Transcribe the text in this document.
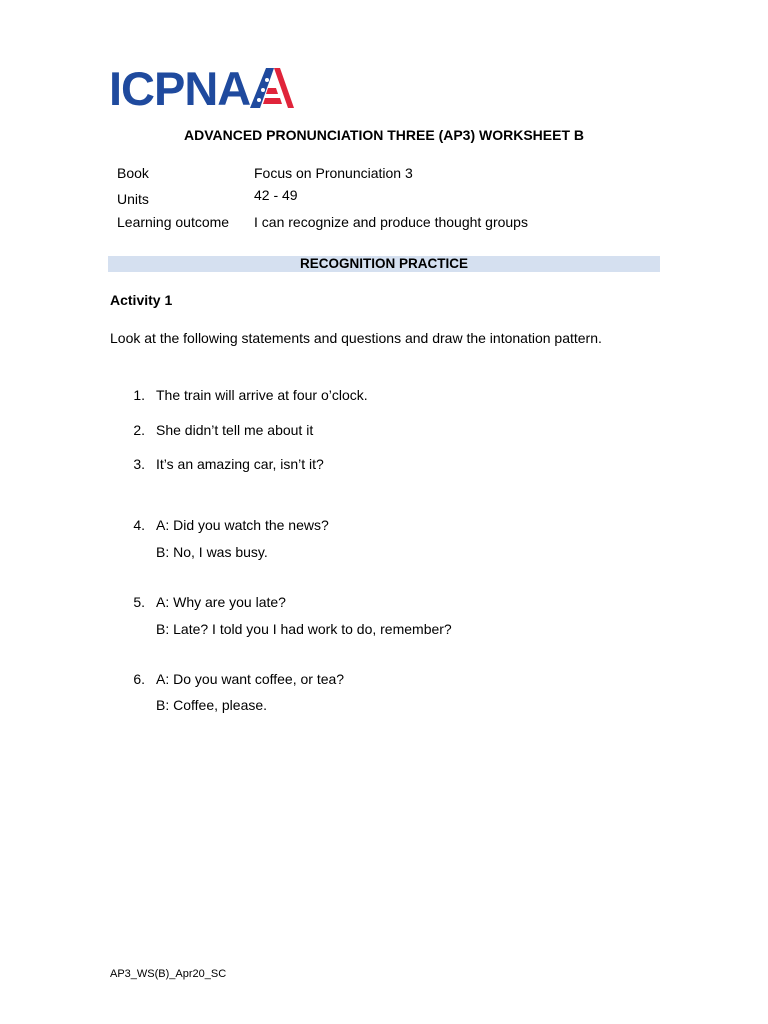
ICPNA
ADVANCED PRONUNCIATION THREE (AP3) WORKSHEET B
Book	Focus on Pronunciation 3
Units	42 - 49
Learning outcome I can recognize and produce thought groups
RECOGNITION PRACTICE
Activity 1
Look at the following statements and questions and draw the intonation pattern.
1. The train will arrive at four o’clock.
2. She didn’t tell me about it
3. It’s an amazing car, isn’t it?
4. A: Did you watch the news?
B: No, I was busy.
5. A: Why are you late?
B: Late? I told you I had work to do, remember?
6. A: Do you want coffee, or tea?
B: Coffee, please.
AP3_WS(B)_Apr20_SC
